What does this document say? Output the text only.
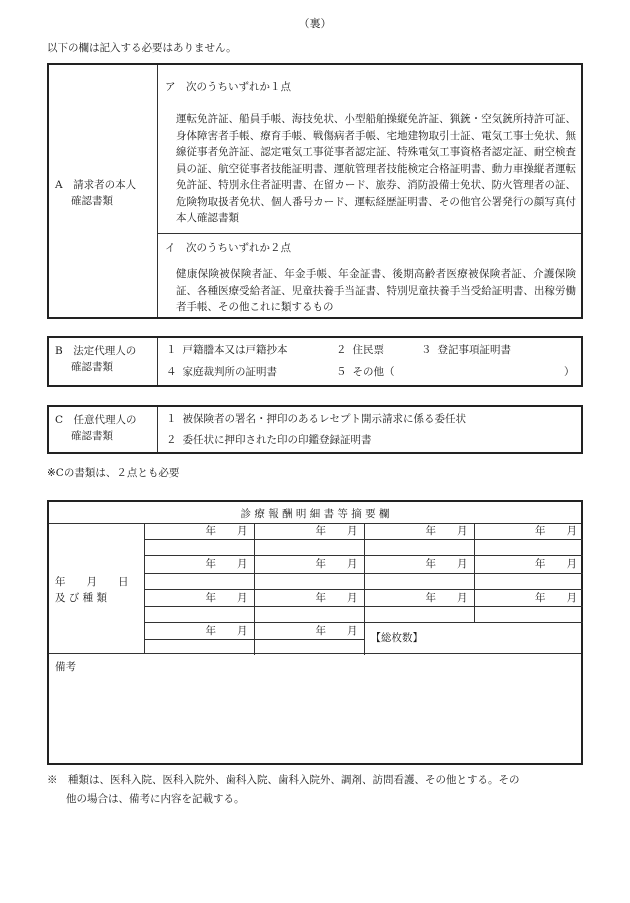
（裏）
以下の欄は記入する必要はありません。
A　請求者の本人
確認書類
ア　次のうちいずれか１点
運転免許証、船員手帳、海技免状、小型船舶操縦免許証、猟銃・空気銃所持許可証、身体障害者手帳、療育手帳、戦傷病者手帳、宅地建物取引士証、電気工事士免状、無線従事者免許証、認定電気工事従事者認定証、特殊電気工事資格者認定証、耐空検査員の証、航空従事者技能証明書、運航管理者技能検定合格証明書、動力車操縦者運転免許証、特別永住者証明書、在留カード、旅券、消防設備士免状、防火管理者の証、危険物取扱者免状、個人番号カード、運転経歴証明書、その他官公署発行の顔写真付本人確認書類
イ　次のうちいずれか２点
健康保険被保険者証、年金手帳、年金証書、後期高齢者医療被保険者証、介護保険証、各種医療受給者証、児童扶養手当証書、特別児童扶養手当受給証明書、出稼労働者手帳、その他これに類するもの
B　法定代理人の
確認書類
１ 戸籍謄本又は戸籍抄本	２ 住民票	３ 登記事項証明書
４ 家庭裁判所の証明書	５ その他（	）
C　任意代理人の
確認書類
１ 被保険者の署名・押印のあるレセプト開示請求に係る委任状
２ 委任状に押印された印の印鑑登録証明書
※Cの書類は、２点とも必要
診 療 報 酬 明 細 書 等 摘 要 欄
年　　月　　日
及 び 種 類
年　　月	年　　月	年　　月	年　　月

年　　月	年　　月	年　　月	年　　月

年　　月	年　　月	年　　月	年　　月

年　　月	年　　月	【総枚数】	

備考
※　種類は、医科入院、医科入院外、歯科入院、歯科入院外、調剤、訪問看護、その他とする。その
他の場合は、備考に内容を記載する。
